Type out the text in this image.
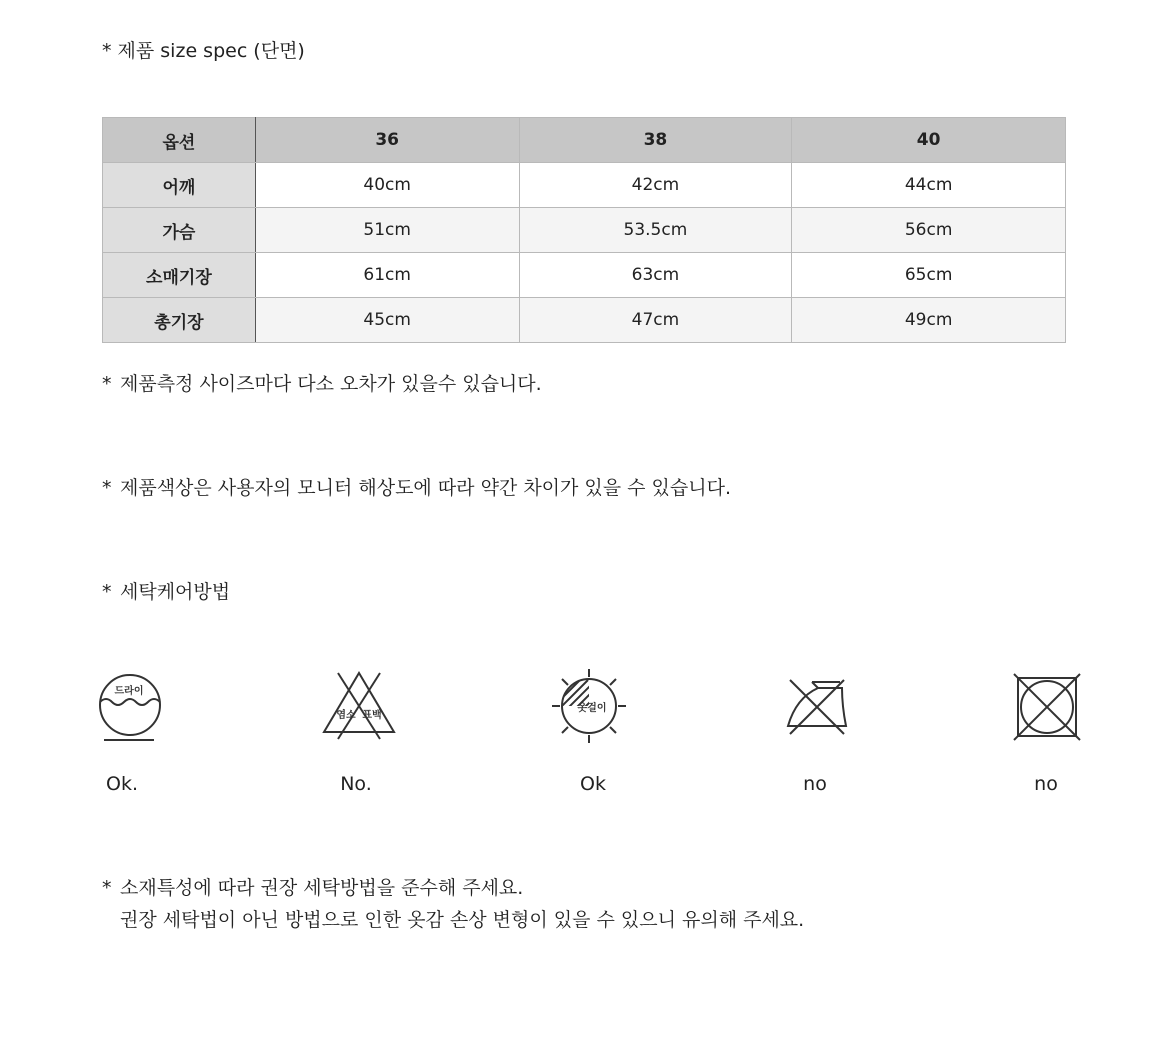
* 제품 size spec (단면)
옵션	36	38	40
어깨	40cm	42cm	44cm
가슴	51cm	53.5cm	56cm
소매기장	61cm	63cm	65cm
총기장	45cm	47cm	49cm
* 제품측정 사이즈마다 다소 오차가 있을수 있습니다.
* 제품색상은 사용자의 모니터 해상도에 따라 약간 차이가 있을 수 있습니다.
* 세탁케어방법
드라이
Ok.
염소 표백
No.
옷걸이
Ok	no	no
* 소재특성에 따라 권장 세탁방법을 준수해 주세요.
권장 세탁법이 아닌 방법으로 인한 옷감 손상 변형이 있을 수 있으니 유의해 주세요.
